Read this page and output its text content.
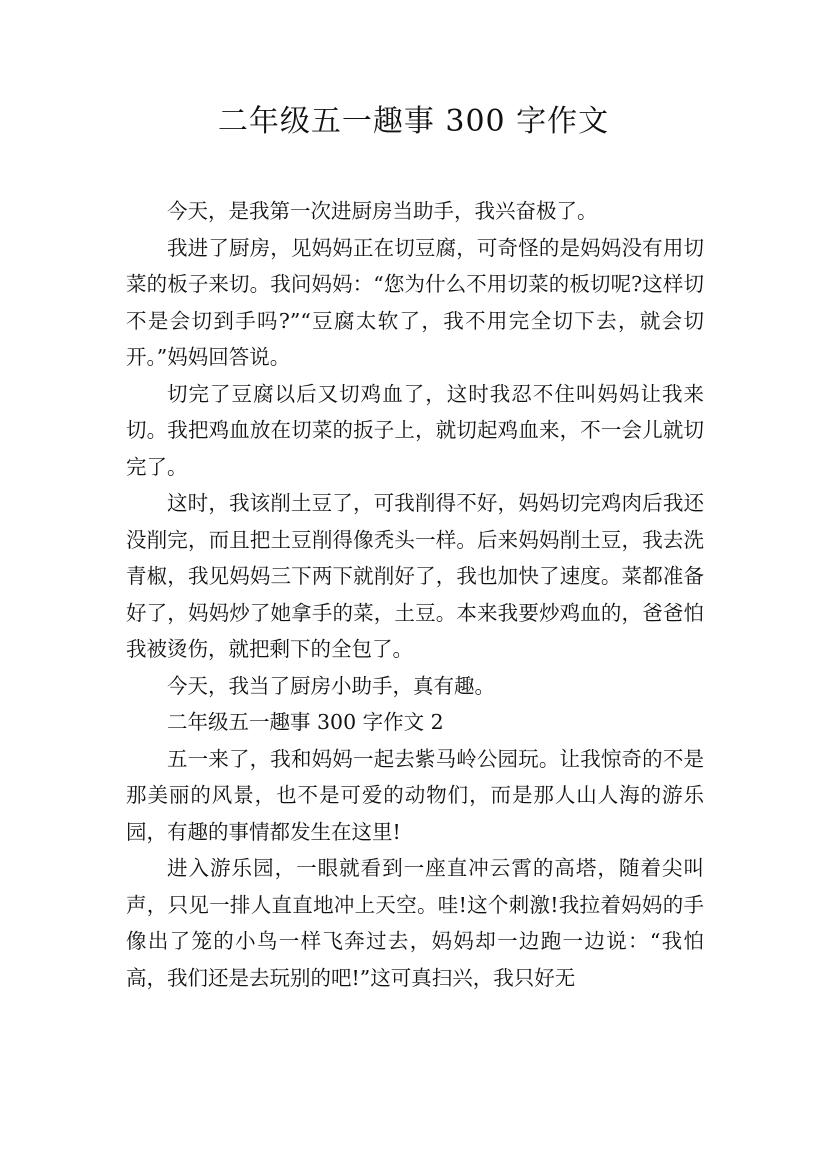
二年级五一趣事 300 字作文

今天，是我第一次进厨房当助手，我兴奋极了。

我进了厨房，见妈妈正在切豆腐，可奇怪的是妈妈没有用切菜的板子来切。我问妈妈：“您为什么不用切菜的板切呢?这样切不是会切到手吗?”“豆腐太软了，我不用完全切下去，就会切开。”妈妈回答说。

切完了豆腐以后又切鸡血了，这时我忍不住叫妈妈让我来切。我把鸡血放在切菜的扳子上，就切起鸡血来，不一会儿就切完了。

这时，我该削土豆了，可我削得不好，妈妈切完鸡肉后我还没削完，而且把土豆削得像秃头一样。后来妈妈削土豆，我去洗青椒，我见妈妈三下两下就削好了，我也加快了速度。菜都准备好了，妈妈炒了她拿手的菜，土豆。本来我要炒鸡血的，爸爸怕我被烫伤，就把剩下的全包了。

今天，我当了厨房小助手，真有趣。

二年级五一趣事 300 字作文 2

五一来了，我和妈妈一起去紫马岭公园玩。让我惊奇的不是那美丽的风景，也不是可爱的动物们，而是那人山人海的游乐园，有趣的事情都发生在这里!

进入游乐园，一眼就看到一座直冲云霄的高塔，随着尖叫声，只见一排人直直地冲上天空。哇!这个刺激!我拉着妈妈的手像出了笼的小鸟一样飞奔过去，妈妈却一边跑一边说：“我怕高，我们还是去玩别的吧!”这可真扫兴，我只好无
